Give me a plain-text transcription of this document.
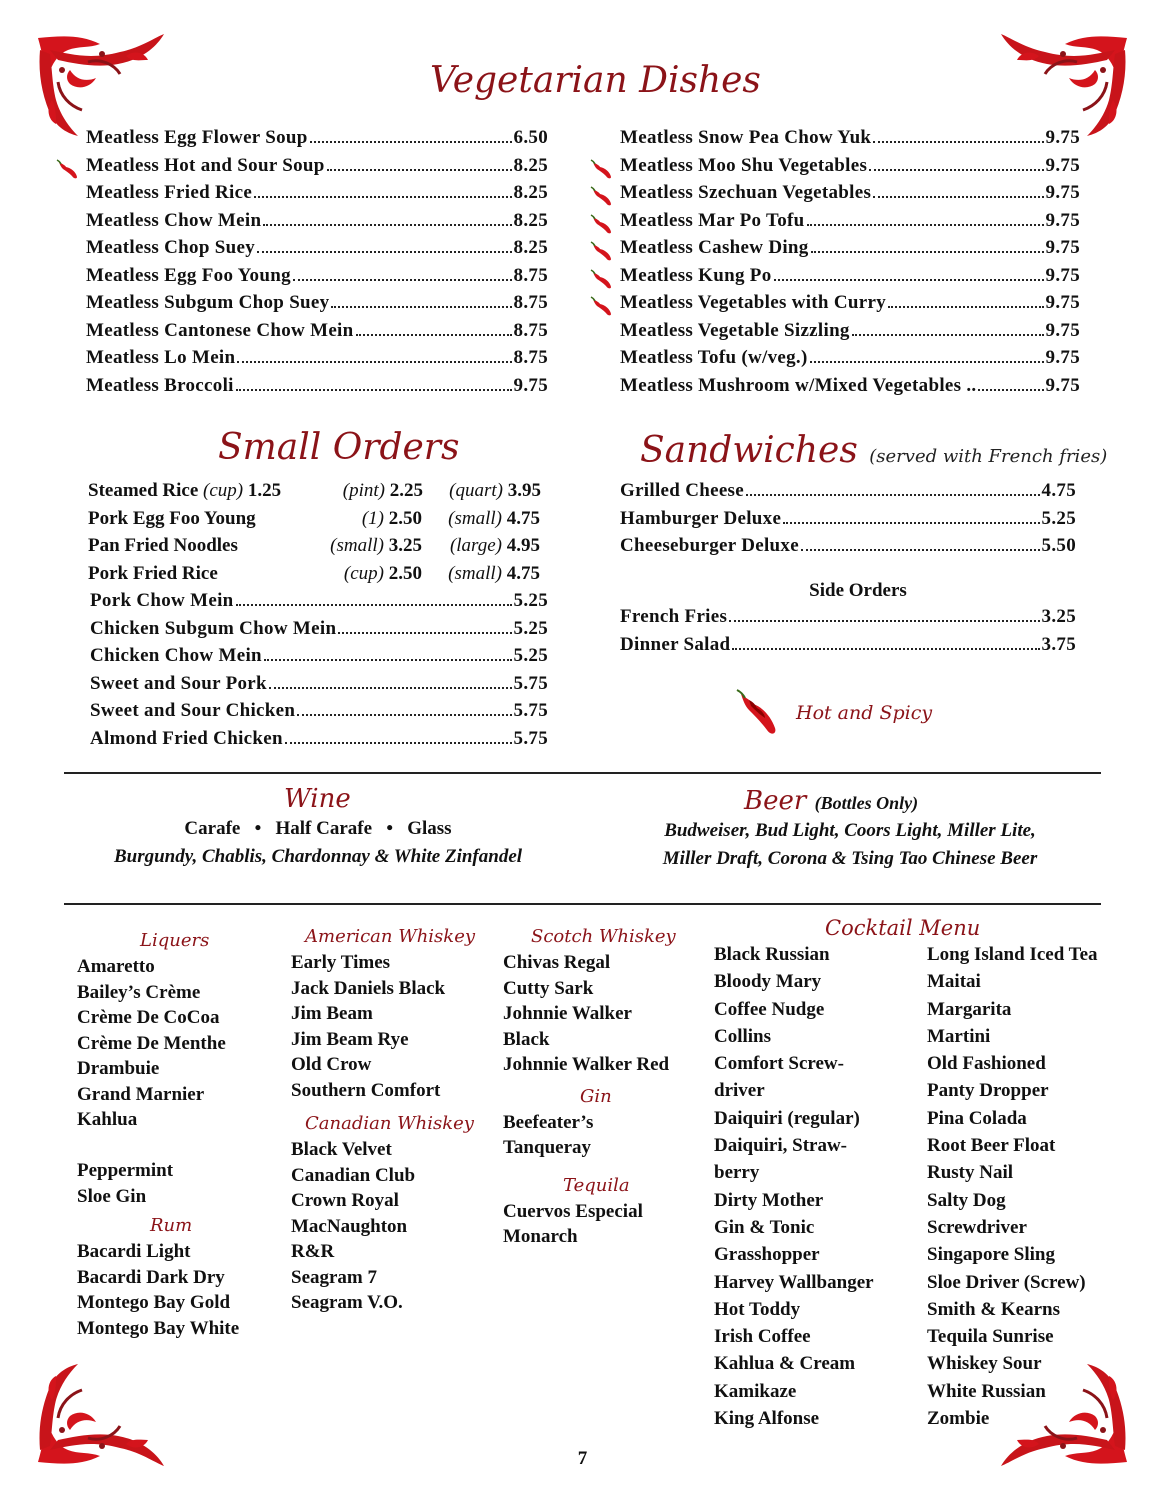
Vegetarian Dishes
Meatless Egg Flower Soup	6.50
Meatless Hot and Sour Soup	8.25
Meatless Fried Rice	8.25
Meatless Chow Mein	8.25
Meatless Chop Suey	8.25
Meatless Egg Foo Young	8.75
Meatless Subgum Chop Suey	8.75
Meatless Cantonese Chow Mein	8.75
Meatless Lo Mein	8.75
Meatless Broccoli	9.75
Meatless Snow Pea Chow Yuk	9.75
Meatless Moo Shu Vegetables	9.75
Meatless Szechuan Vegetables	9.75
Meatless Mar Po Tofu	9.75
Meatless Cashew Ding	9.75
Meatless Kung Po	9.75
Meatless Vegetables with Curry	9.75
Meatless Vegetable Sizzling	9.75
Meatless Tofu (w/veg.)	9.75
Meatless Mushroom w/Mixed Vegetables ..	9.75
Small Orders
Steamed Rice (cup) 1.25	(pint) 2.25	(quart) 3.95
Pork Egg Foo Young	(1) 2.50	(small) 4.75
Pan Fried Noodles	(small) 3.25	(large) 4.95
Pork Fried Rice	(cup) 2.50	(small) 4.75
Pork Chow Mein	5.25
Chicken Subgum Chow Mein	5.25
Chicken Chow Mein	5.25
Sweet and Sour Pork	5.75
Sweet and Sour Chicken	5.75
Almond Fried Chicken	5.75
Sandwiches (served with French fries)
Grilled Cheese	4.75
Hamburger Deluxe	5.25
Cheeseburger Deluxe	5.50
Side Orders
French Fries	3.25
Dinner Salad	3.75
Hot and Spicy
Wine
Carafe • Half Carafe • Glass
Burgundy, Chablis, Chardonnay & White Zinfandel
Beer (Bottles Only)
Budweiser, Bud Light, Coors Light, Miller Lite,
Miller Draft, Corona & Tsing Tao Chinese Beer
Liquers
Amaretto
Bailey’s Crème
Crème De CoCoa
Crème De Menthe
Drambuie
Grand Marnier
Kahlua
Peppermint
Sloe Gin
Rum
Bacardi Light
Bacardi Dark Dry
Montego Bay Gold
Montego Bay White
American Whiskey
Early Times
Jack Daniels Black
Jim Beam
Jim Beam Rye
Old Crow
Southern Comfort
Canadian Whiskey
Black Velvet
Canadian Club
Crown Royal
MacNaughton
R&R
Seagram 7
Seagram V.O.
Scotch Whiskey
Chivas Regal
Cutty Sark
Johnnie Walker
Black
Johnnie Walker Red
Gin
Beefeater’s
Tanqueray
Tequila
Cuervos Especial
Monarch
Cocktail Menu
Black Russian
Bloody Mary
Coffee Nudge
Collins
Comfort Screw-
driver
Daiquiri (regular)
Daiquiri, Straw-
berry
Dirty Mother
Gin & Tonic
Grasshopper
Harvey Wallbanger
Hot Toddy
Irish Coffee
Kahlua & Cream
Kamikaze
King Alfonse
Long Island Iced Tea
Maitai
Margarita
Martini
Old Fashioned
Panty Dropper
Pina Colada
Root Beer Float
Rusty Nail
Salty Dog
Screwdriver
Singapore Sling
Sloe Driver (Screw)
Smith & Kearns
Tequila Sunrise
Whiskey Sour
White Russian
Zombie
7
